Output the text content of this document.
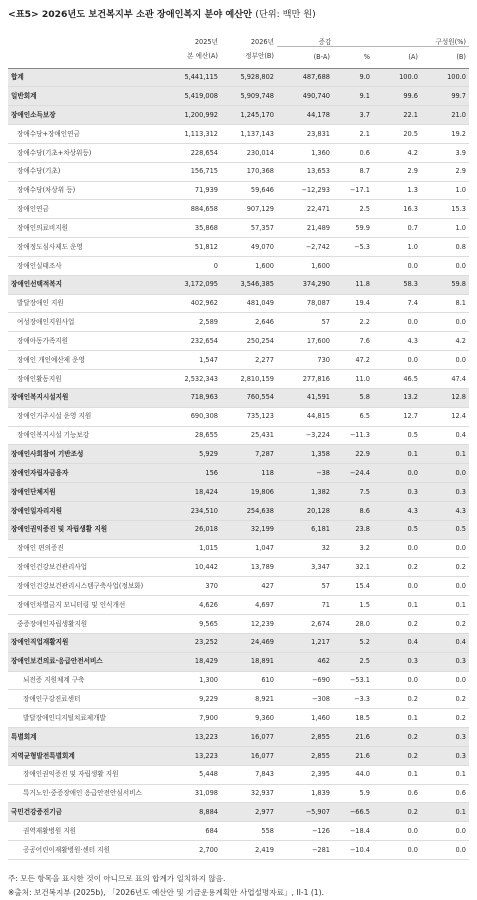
<표5> 2026년도 보건복지부 소관 장애인복지 분야 예산안 (단위: 백만 원)
	2025년	2026년	증감		구성원(%)	
	본 예산(A)	정부안(B)	(B-A)	%	(A)	(B)
합계	5,441,115	5,928,802	487,688	9.0	100.0	100.0
일반회계	5,419,008	5,909,748	490,740	9.1	99.6	99.7
장애인소득보장	1,200,992	1,245,170	44,178	3.7	22.1	21.0
장애수당+장애인연금	1,113,312	1,137,143	23,831	2.1	20.5	19.2
장애수당(기초+차상위등)	228,654	230,014	1,360	0.6	4.2	3.9
장애수당(기초)	156,715	170,368	13,653	8.7	2.9	2.9
장애수당(차상위 등)	71,939	59,646	−12,293	−17.1	1.3	1.0
장애인연금	884,658	907,129	22,471	2.5	16.3	15.3
장애인의료비지원	35,868	57,357	21,489	59.9	0.7	1.0
장애정도심사제도 운영	51,812	49,070	−2,742	−5.3	1.0	0.8
장애인실태조사	0	1,600	1,600		0.0	0.0
장애인선택적복지	3,172,095	3,546,385	374,290	11.8	58.3	59.8
발달장애인 지원	402,962	481,049	78,087	19.4	7.4	8.1
여성장애인지원사업	2,589	2,646	57	2.2	0.0	0.0
장애아동가족지원	232,654	250,254	17,600	7.6	4.3	4.2
장애인 개인예산제 운영	1,547	2,277	730	47.2	0.0	0.0
장애인활동지원	2,532,343	2,810,159	277,816	11.0	46.5	47.4
장애인복지시설지원	718,963	760,554	41,591	5.8	13.2	12.8
장애인거주시설 운영 지원	690,308	735,123	44,815	6.5	12.7	12.4
장애인복지시설 기능보강	28,655	25,431	−3,224	−11.3	0.5	0.4
장애인사회참여 기반조성	5,929	7,287	1,358	22.9	0.1	0.1
장애인자립자금융자	156	118	−38	−24.4	0.0	0.0
장애인단체지원	18,424	19,806	1,382	7.5	0.3	0.3
장애인일자리지원	234,510	254,638	20,128	8.6	4.3	4.3
장애인권익증진 및 자립생활 지원	26,018	32,199	6,181	23.8	0.5	0.5
장애인 편의증진	1,015	1,047	32	3.2	0.0	0.0
장애인건강보건관리사업	10,442	13,789	3,347	32.1	0.2	0.2
장애인건강보건관리시스템구축사업(정보화)	370	427	57	15.4	0.0	0.0
장애인차별금지 모니터링 및 인식개선	4,626	4,697	71	1.5	0.1	0.1
중증장애인자립생활지원	9,565	12,239	2,674	28.0	0.2	0.2
장애인직업재활지원	23,252	24,469	1,217	5.2	0.4	0.4
장애인보건의료·응급안전서비스	18,429	18,891	462	2.5	0.3	0.3
뇌전증 지원체계 구축	1,300	610	−690	−53.1	0.0	0.0
장애인구강진료센터	9,229	8,921	−308	−3.3	0.2	0.2
발달장애인디지털치료제개발	7,900	9,360	1,460	18.5	0.1	0.2
특별회계	13,223	16,077	2,855	21.6	0.2	0.3
지역균형발전특별회계	13,223	16,077	2,855	21.6	0.2	0.3
장애인권익증진 및 자립생활 지원	5,448	7,843	2,395	44.0	0.1	0.1
특거노인·중증장애인 응급안전안심서비스	31,098	32,937	1,839	5.9	0.6	0.6
국민건강증진기금	8,884	2,977	−5,907	−66.5	0.2	0.1
권역재활병원 지원	684	558	−126	−18.4	0.0	0.0
공공어린이재활병원·센터 지원	2,700	2,419	−281	−10.4	0.0	0.0
주: 모든 항목을 표시한 것이 아니므로 표의 합계가 일치하지 않음.
※출처: 보건복지부 (2025b), 「2026년도 예산안 및 기금운용계획안 사업설명자료」, II-1 (1).
